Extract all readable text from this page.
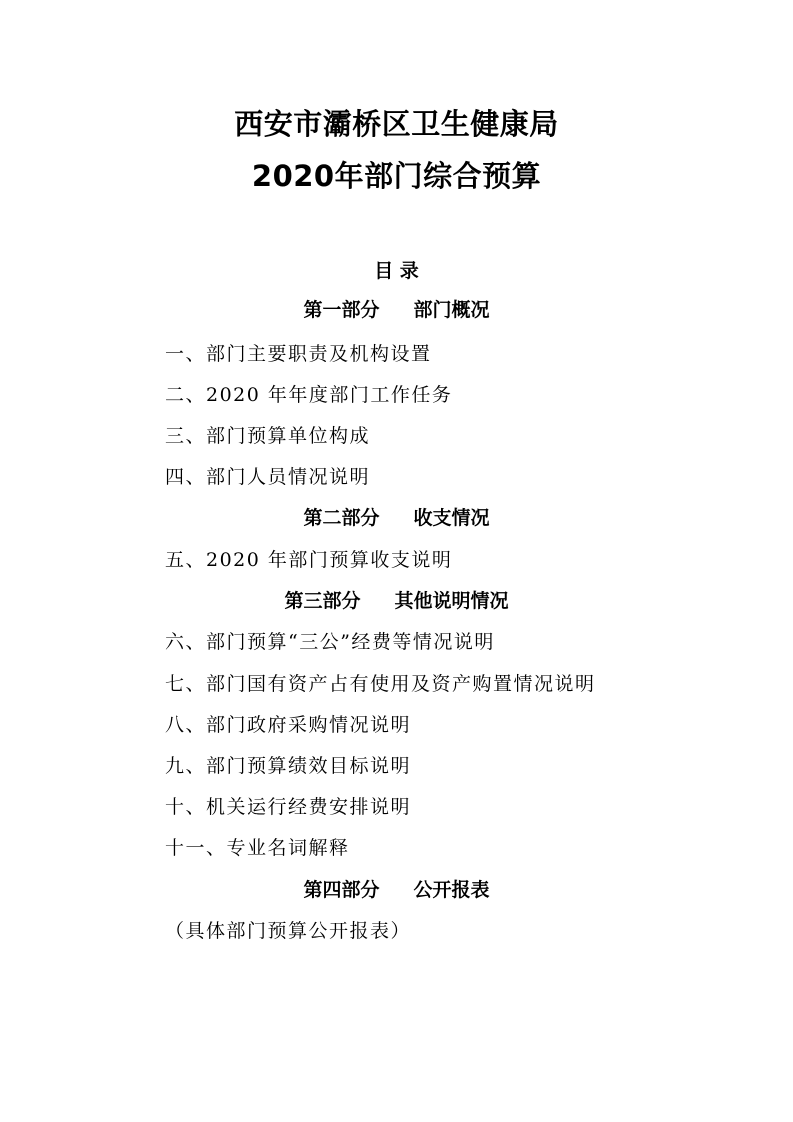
西安市灞桥区卫生健康局
2020年部门综合预算
目 录
第一部分 部门概况
一、部门主要职责及机构设置
二、2020 年年度部门工作任务
三、部门预算单位构成
四、部门人员情况说明
第二部分 收支情况
五、2020 年部门预算收支说明
第三部分 其他说明情况
六、部门预算“三公”经费等情况说明
七、部门国有资产占有使用及资产购置情况说明
八、部门政府采购情况说明
九、部门预算绩效目标说明
十、机关运行经费安排说明
十一、专业名词解释
第四部分 公开报表
（具体部门预算公开报表）
